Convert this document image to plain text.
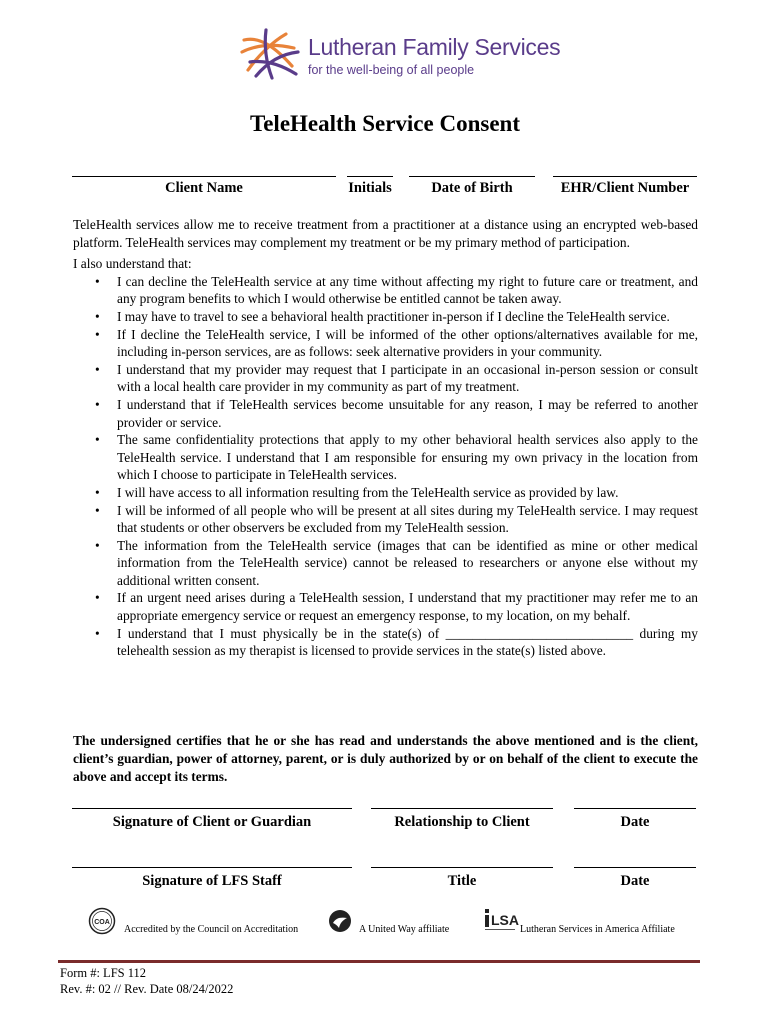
Lutheran Family Services
for the well-being of all people
TeleHealth Service Consent
Client Name	Initials	Date of Birth	EHR/Client Number

TeleHealth services allow me to receive treatment from a practitioner at a distance using an encrypted web-based platform. TeleHealth services may complement my treatment or be my primary method of participation.

I also understand that:

• I can decline the TeleHealth service at any time without affecting my right to future care or treatment, and any program benefits to which I would otherwise be entitled cannot be taken away.
• I may have to travel to see a behavioral health practitioner in-person if I decline the TeleHealth service.
• If I decline the TeleHealth service, I will be informed of the other options/alternatives available for me, including in-person services, are as follows: seek alternative providers in your community.
• I understand that my provider may request that I participate in an occasional in-person session or consult with a local health care provider in my community as part of my treatment.
• I understand that if TeleHealth services become unsuitable for any reason, I may be referred to another provider or service.
• The same confidentiality protections that apply to my other behavioral health services also apply to the TeleHealth service. I understand that I am responsible for ensuring my own privacy in the location from which I choose to participate in TeleHealth services.
• I will have access to all information resulting from the TeleHealth service as provided by law.
• I will be informed of all people who will be present at all sites during my TeleHealth service. I may request that students or other observers be excluded from my TeleHealth session.
• The information from the TeleHealth service (images that can be identified as mine or other medical information from the TeleHealth service) cannot be released to researchers or anyone else without my additional written consent.
• If an urgent need arises during a TeleHealth session, I understand that my practitioner may refer me to an appropriate emergency service or request an emergency response, to my location, on my behalf.
• I understand that I must physically be in the state(s) of ____________________________ during my telehealth session as my therapist is licensed to provide services in the state(s) listed above.
The undersigned certifies that he or she has read and understands the above mentioned and is the client, client’s guardian, power of attorney, parent, or is duly authorized by or on behalf of the client to execute the above and accept its terms.
Signature of Client or Guardian	Relationship to Client	Date
Signature of LFS Staff	Title	Date
COA
Accredited by the Council on Accreditation	A United Way affiliate
LSA
Lutheran Services in America Affiliate
Form #: LFS 112
Rev. #: 02 // Rev. Date 08/24/2022
